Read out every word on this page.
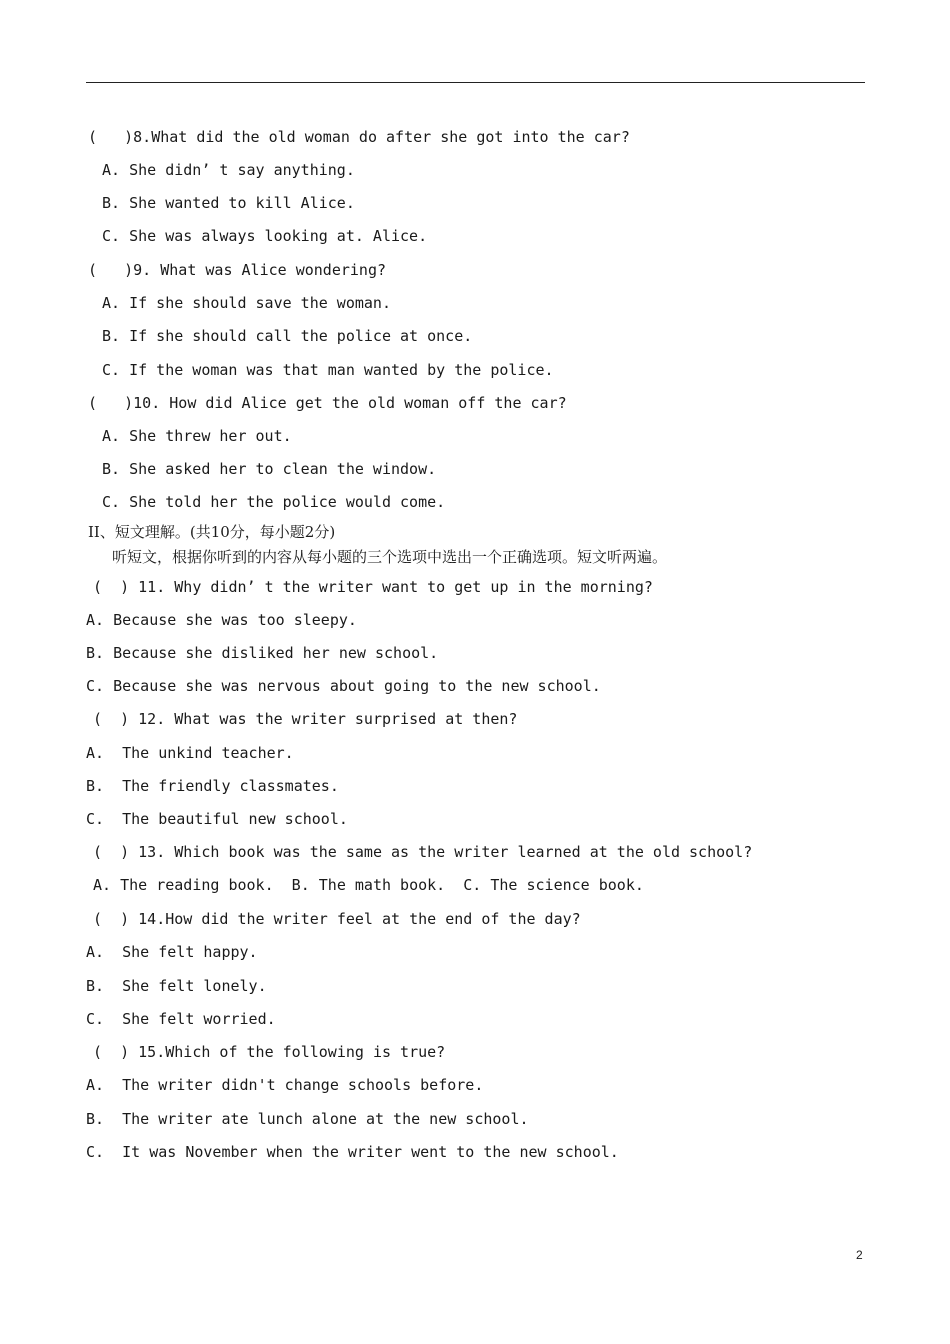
(   )8.What did the old woman do after she got into the car?
A. She didn’ t say anything.
B. She wanted to kill Alice.
C. She was always looking at. Alice.
(   )9. What was Alice wondering?
A. If she should save the woman.
B. If she should call the police at once.
C. If the woman was that man wanted by the police.
(   )10. How did Alice get the old woman off the car?
A. She threw her out.
B. She asked her to clean the window.
C. She told her the police would come.
II、短文理解。(共10分，每小题2分)
听短文，根据你听到的内容从每小题的三个选项中选出一个正确选项。短文听两遍。
(  ) 11. Why didn’ t the writer want to get up in the morning?
A. Because she was too sleepy.
B. Because she disliked her new school.
C. Because she was nervous about going to the new school.
(  ) 12. What was the writer surprised at then?
A.  The unkind teacher.
B.  The friendly classmates.
C.  The beautiful new school.
(  ) 13. Which book was the same as the writer learned at the old school?
A. The reading book.  B. The math book.  C. The science book.
(  ) 14.How did the writer feel at the end of the day?
A.  She felt happy.
B.  She felt lonely.
C.  She felt worried.
(  ) 15.Which of the following is true?
A.  The writer didn't change schools before.
B.  The writer ate lunch alone at the new school.
C.  It was November when the writer went to the new school.
2
